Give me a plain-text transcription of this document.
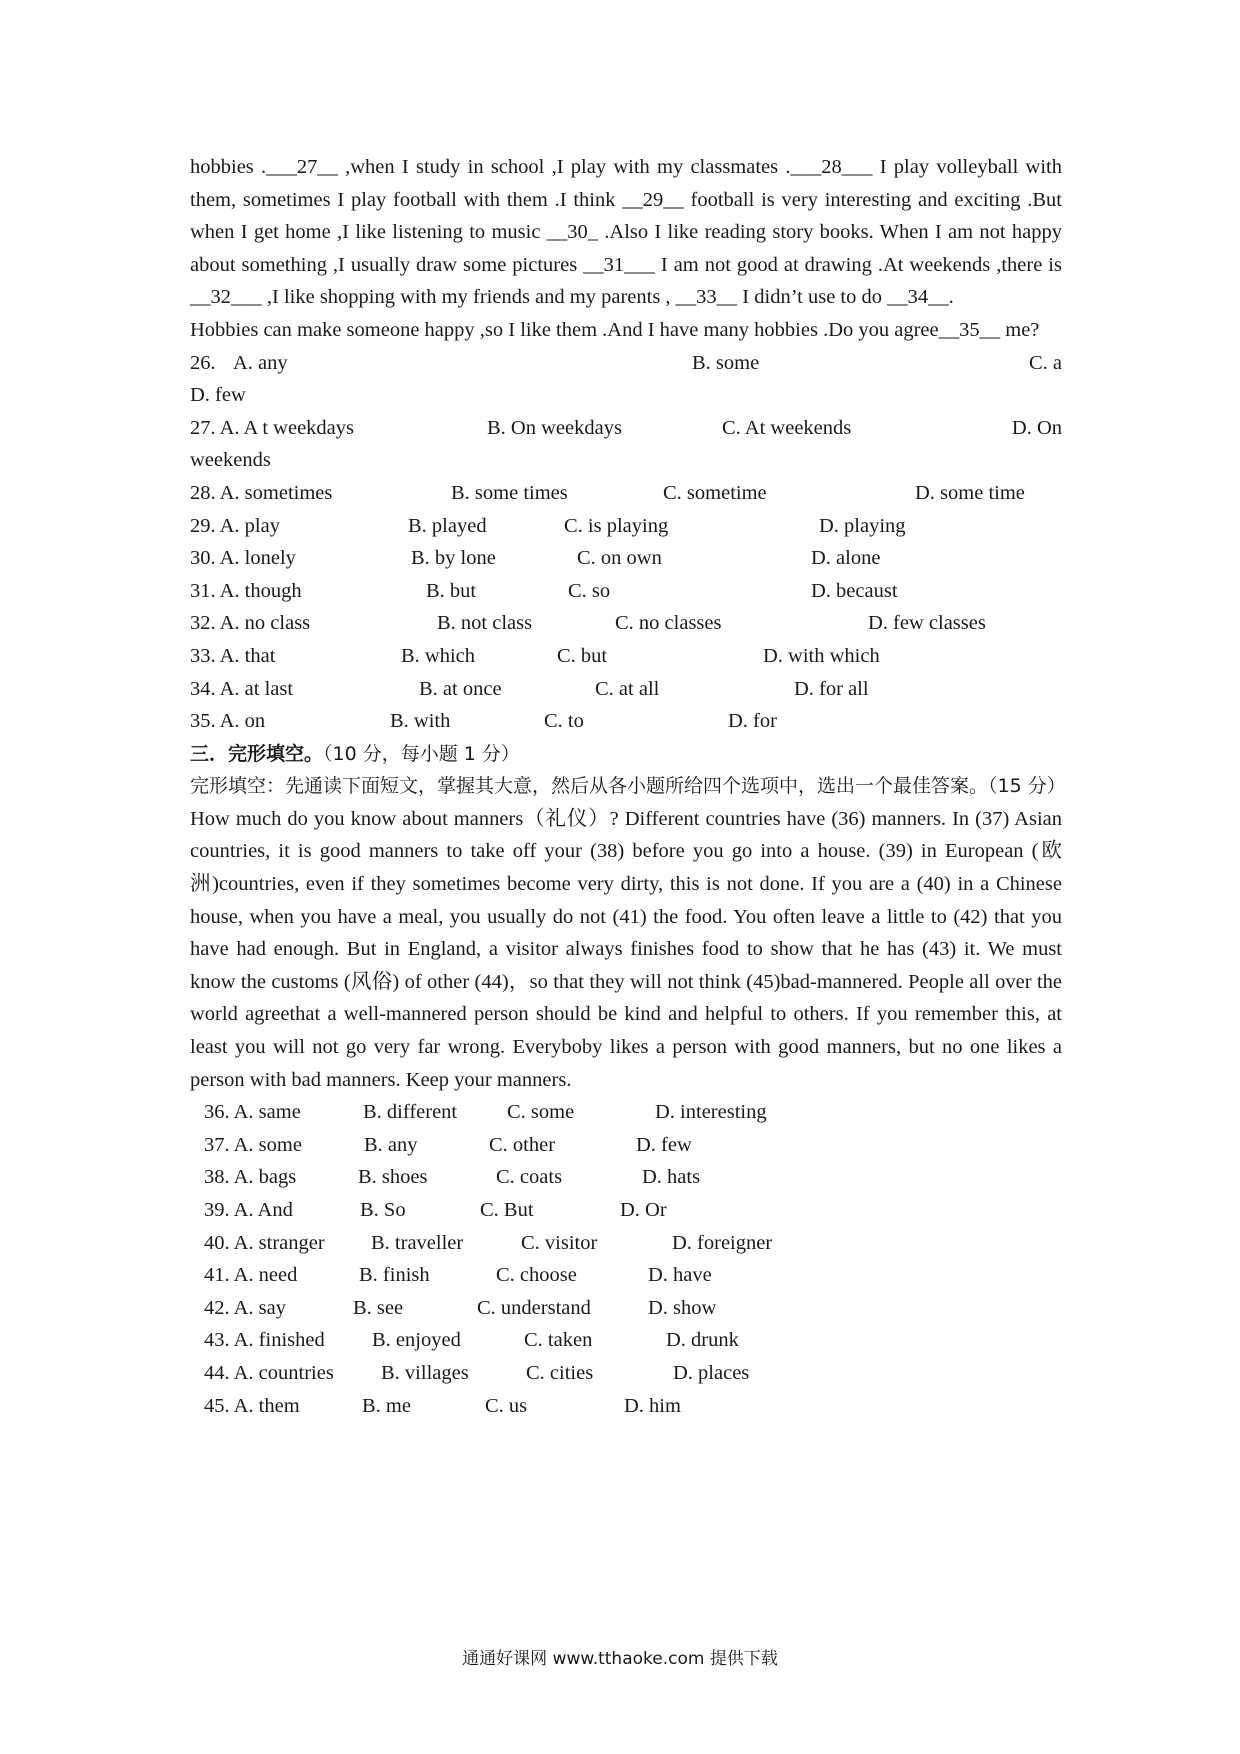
hobbies .___27__ ,when I study in school ,I play with my classmates .___28___ I play volleyball with them, sometimes I play football with them .I think __29__ football is very interesting and exciting .But when I get home ,I like listening to music __30_ .Also I like reading story books. When I am not happy about something ,I usually draw some pictures __31___ I am not good at drawing .At weekends ,there is __32___ ,I like shopping with my friends and my parents , __33__ I didn’t use to do __34__.

Hobbies can make someone happy ,so I like them .And I have many hobbies .Do you agree__35__ me?

26. A. any	B. some	C. a
D. few
27. A. A t weekdays	B. On weekdays	C. At weekends	D. On
weekends
28. A. sometimes	B. some times	C. sometime	D. some time
29. A. play	B. played	C. is playing	D. playing
30. A. lonely	B. by lone	C. on own	D. alone
31. A. though	B. but	C. so	D. becaust
32. A. no class	B. not class	C. no classes	D. few classes
33. A. that	B. which	C. but	D. with which
34. A. at last	B. at once	C. at all	D. for all
35. A. on	B. with	C. to	D. for
三．完形填空。（10 分，每小题 1 分）

完形填空：先通读下面短文，掌握其大意，然后从各小题所给四个选项中，选出一个最佳答案。（15 分）

How much do you know about manners（礼仪）? Different countries have (36) manners. In (37) Asian countries, it is good manners to take off your (38) before you go into a house. (39) in European (欧洲)countries, even if they sometimes become very dirty, this is not done. If you are a (40) in a Chinese house, when you have a meal, you usually do not (41) the food. You often leave a little to (42) that you have had enough. But in England, a visitor always finishes food to show that he has (43) it. We must know the customs (风俗) of other (44)，so that they will not think (45)bad-mannered. People all over the world agreethat a well-mannered person should be kind and helpful to others. If you remember this, at least you will not go very far wrong. Everyboby likes a person with good manners, but no one likes a person with bad manners. Keep your manners.

36. A. same	B. different C. some	D. interesting
37. A. some	B. any	C. other	D. few
38. A. bags	B. shoes	C. coats	D. hats
39. A. And	B. So	C. But	D. Or
40. A. stranger B. traveller	C. visitor	D. foreigner
41. A. need	B. finish	C. choose	D. have
42. A. say	B. see	C. understand	D. show
43. A. finished B. enjoyed	C. taken	D. drunk
44. A. countries B. villages	C. cities	D. places
45. A. them	B. me	C. us	D. him
通通好课网 www.tthaoke.com 提供下载
